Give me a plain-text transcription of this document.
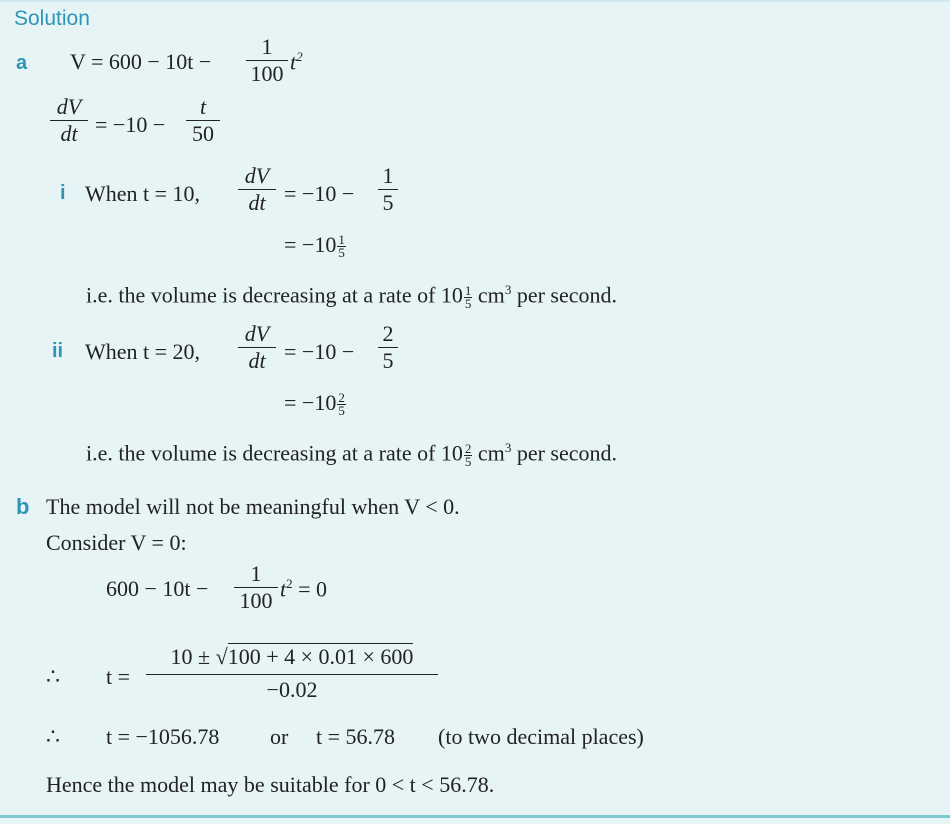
Solution
a V = 600 − 10t −
1
100 $t^2$
dV
dt = −10 −
t
50
i When t = 10,
dV
dt = −10 −
1
5
= $-10 \frac{1}{5}$
i.e. the volume is decreasing at a rate of $10 \frac{1}{5} cm^3$ per second.
ii When t = 20,
dV
dt = −10 −
2
5
= $-10 \frac{2}{5}$
i.e. the volume is decreasing at a rate of $10 \frac{2}{5} cm^3$ per second.
b The model will not be meaningful when V < 0.
Consider V = 0:
600 − 10t −
1
100 $t^2 = 0$
∴ t =
10 ± √100 + 4 × 0.01 × 600
−0.02
∴ t = −1056.78 or t = 56.78 (to two decimal places)
Hence the model may be suitable for 0 < t < 56.78.
